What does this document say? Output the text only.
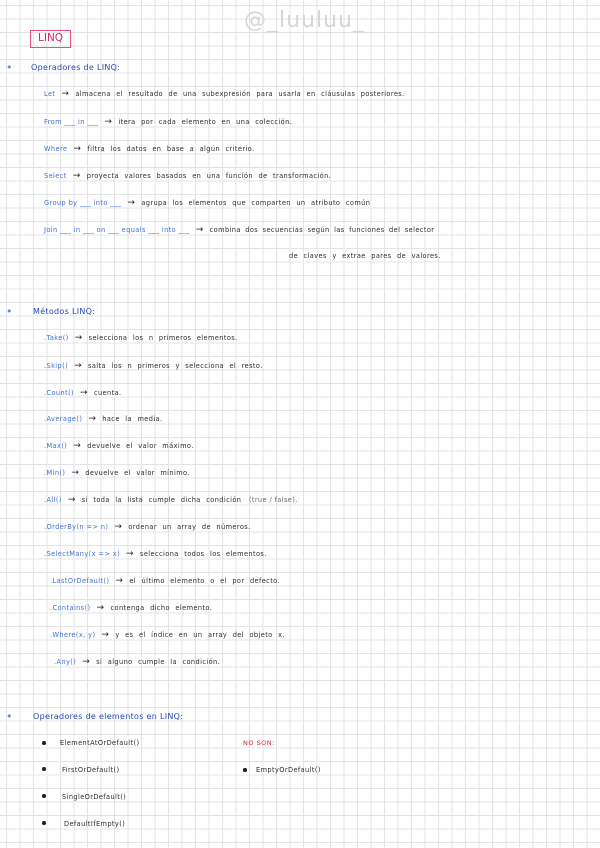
@_luuluu_
LINQ
• Operadores de LINQ:
Let → almacena el resultado de una subexpresión para usarla en cláusulas posteriores.
From ___ in ___ → itera por cada elemento en una colección.
Where → filtra los datos en base a algún criterio.
Select → proyecta valores basados en una función de transformación.
Group by ___ into ___ → agrupa los elementos que comparten un atributo común
Join ___ in ___ on ___ equals ___ into ___ → combina dos secuencias según las funciones del selector
de claves y extrae pares de valores.
•	Métodos LINQ:
.Take() → selecciona los n primeros elementos.
.Skip() → salta los n primeros y selecciona el resto.
.Count() → cuenta.
.Average() → hace la media.
.Max() → devuelve el valor máximo.
.Min() → devuelve el valor mínimo.
.All() → si toda la lista cumple dicha condición (true / false).
.OrderBy(n => n) → ordenar un array de números.
.SelectMany(x => x) → selecciona todos los elementos.
.LastOrDefault() → el último elemento o el por defecto.
.Contains() → contenga dicho elemento.
.Where(x, y) → y es el índice en un array del objeto x.
.Any() → si alguno cumple la condición.
•	Operadores de elementos en LINQ:
ElementAtOrDefault()
FirstOrDefault()
SingleOrDefault()
DefaultIfEmpty()
NO SON:
EmptyOrDefault()
